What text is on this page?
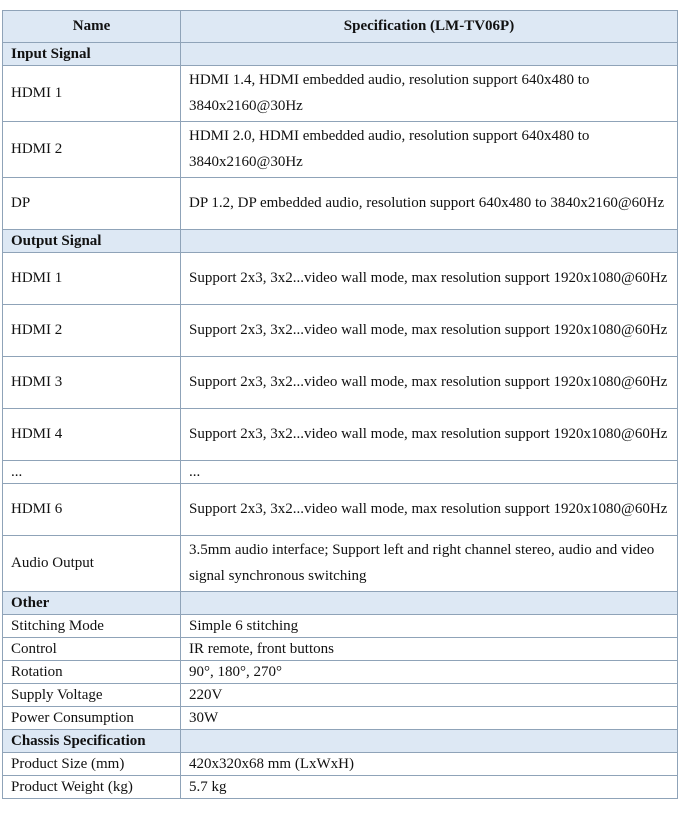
Name	Specification (LM-TV06P)
Input Signal	
HDMI 1	HDMI 1.4, HDMI embedded audio, resolution support 640x480 to 3840x2160@30Hz
HDMI 2	HDMI 2.0, HDMI embedded audio, resolution support 640x480 to 3840x2160@30Hz
DP	DP 1.2, DP embedded audio, resolution support 640x480 to 3840x2160@60Hz
Output Signal	
HDMI 1	Support 2x3, 3x2...video wall mode, max resolution support 1920x1080@60Hz
HDMI 2	Support 2x3, 3x2...video wall mode, max resolution support 1920x1080@60Hz
HDMI 3	Support 2x3, 3x2...video wall mode, max resolution support 1920x1080@60Hz
HDMI 4	Support 2x3, 3x2...video wall mode, max resolution support 1920x1080@60Hz
...	...
HDMI 6	Support 2x3, 3x2...video wall mode, max resolution support 1920x1080@60Hz
Audio Output	3.5mm audio interface; Support left and right channel stereo, audio and video signal synchronous switching
Other	
Stitching Mode	Simple 6 stitching
Control	IR remote, front buttons
Rotation	90°, 180°, 270°
Supply Voltage	220V
Power Consumption	30W
Chassis Specification	
Product Size (mm)	420x320x68 mm (LxWxH)
Product Weight (kg)	5.7 kg
